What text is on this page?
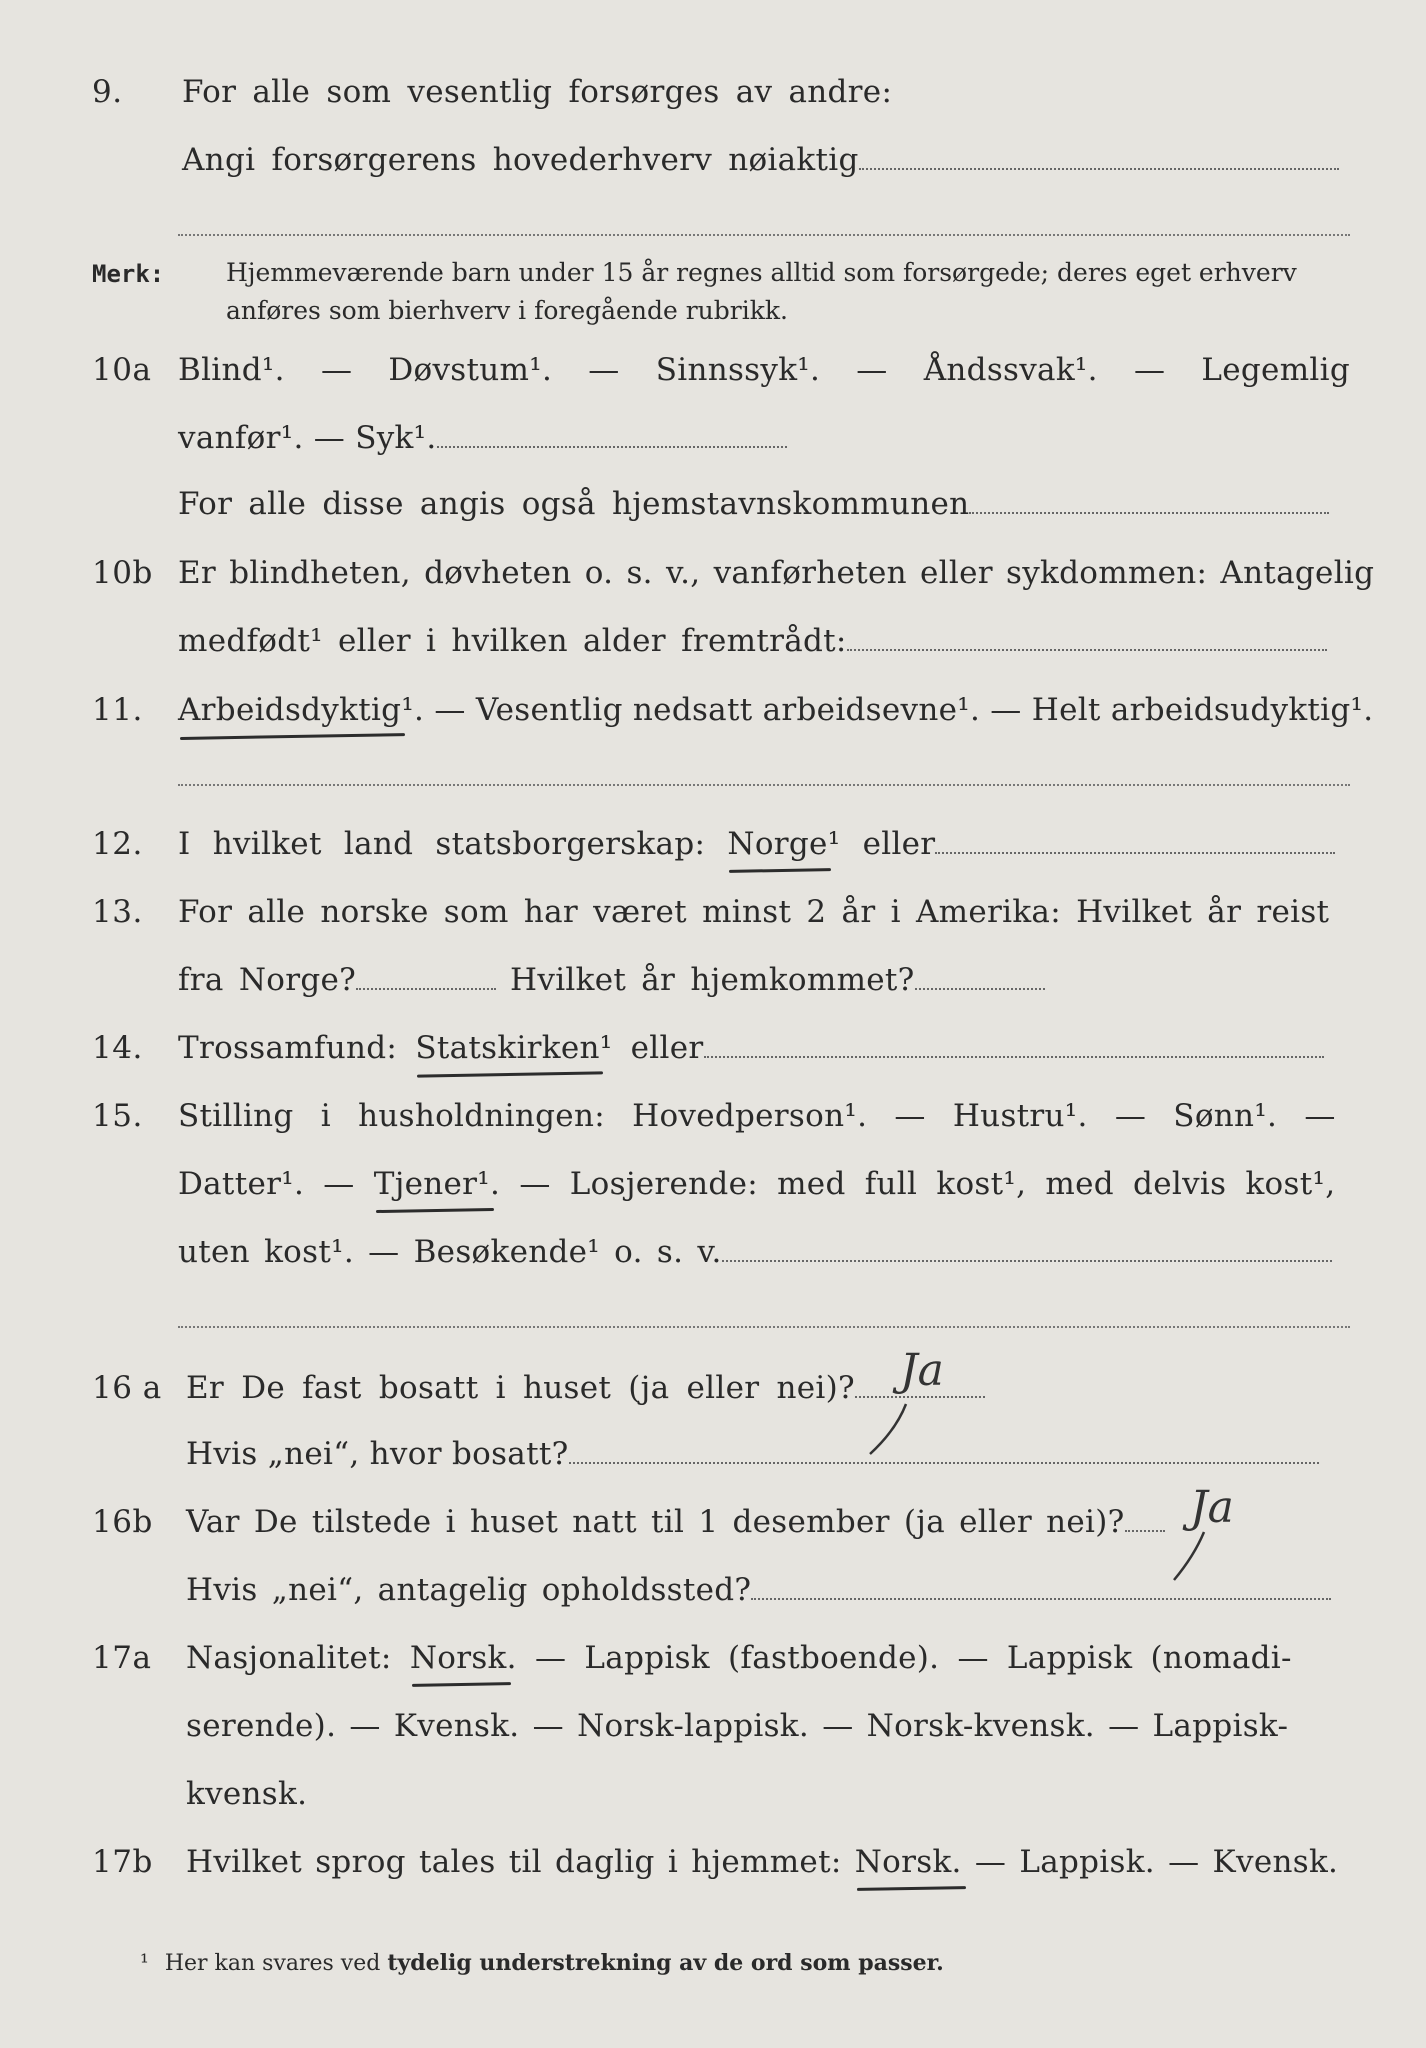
9.	For alle som vesentlig forsørges av andre:
Angi forsørgerens hovederhverv nøiaktig
Merk: Hjemmeværende barn under 15 år regnes alltid som forsørgede; deres eget erhverv
anføres som bierhverv i foregående rubrikk.
10a Blind¹. — Døvstum¹. — Sinnssyk¹. — Åndssvak¹. — Legemlig
vanfør¹. — Syk¹.
For alle disse angis også hjemstavnskommunen
10b Er blindheten, døvheten o. s. v., vanførheten eller sykdommen: Antagelig
medfødt¹ eller i hvilken alder fremtrådt:
11.	Arbeidsdyktig¹. — Vesentlig nedsatt arbeidsevne¹. — Helt arbeidsudyktig¹.
12.	I hvilket land statsborgerskap: Norge¹ eller
13.	For alle norske som har været minst 2 år i Amerika: Hvilket år reist
fra Norge?	Hvilket år hjemkommet?
14.	Trossamfund: Statskirken¹ eller
15.	Stilling i husholdningen: Hovedperson¹. — Hustru¹. — Sønn¹. —
Datter¹. — Tjener¹. — Losjerende: med full kost¹, med delvis kost¹,
uten kost¹. — Besøkende¹ o. s. v.
16 a Er De fast bosatt i huset (ja eller nei)?	Ja
Hvis „nei“, hvor bosatt?
16b Var De tilstede i huset natt til 1 desember (ja eller nei)?	Ja
Hvis „nei“, antagelig opholdssted?
17a	Nasjonalitet: Norsk. — Lappisk (fastboende). — Lappisk (nomadi-
serende). — Kvensk. — Norsk-lappisk. — Norsk-kvensk. — Lappisk-
kvensk.
17b Hvilket sprog tales til daglig i hjemmet: Norsk. — Lappisk. — Kvensk.
¹ Her kan svares ved tydelig understrekning av de ord som passer.
